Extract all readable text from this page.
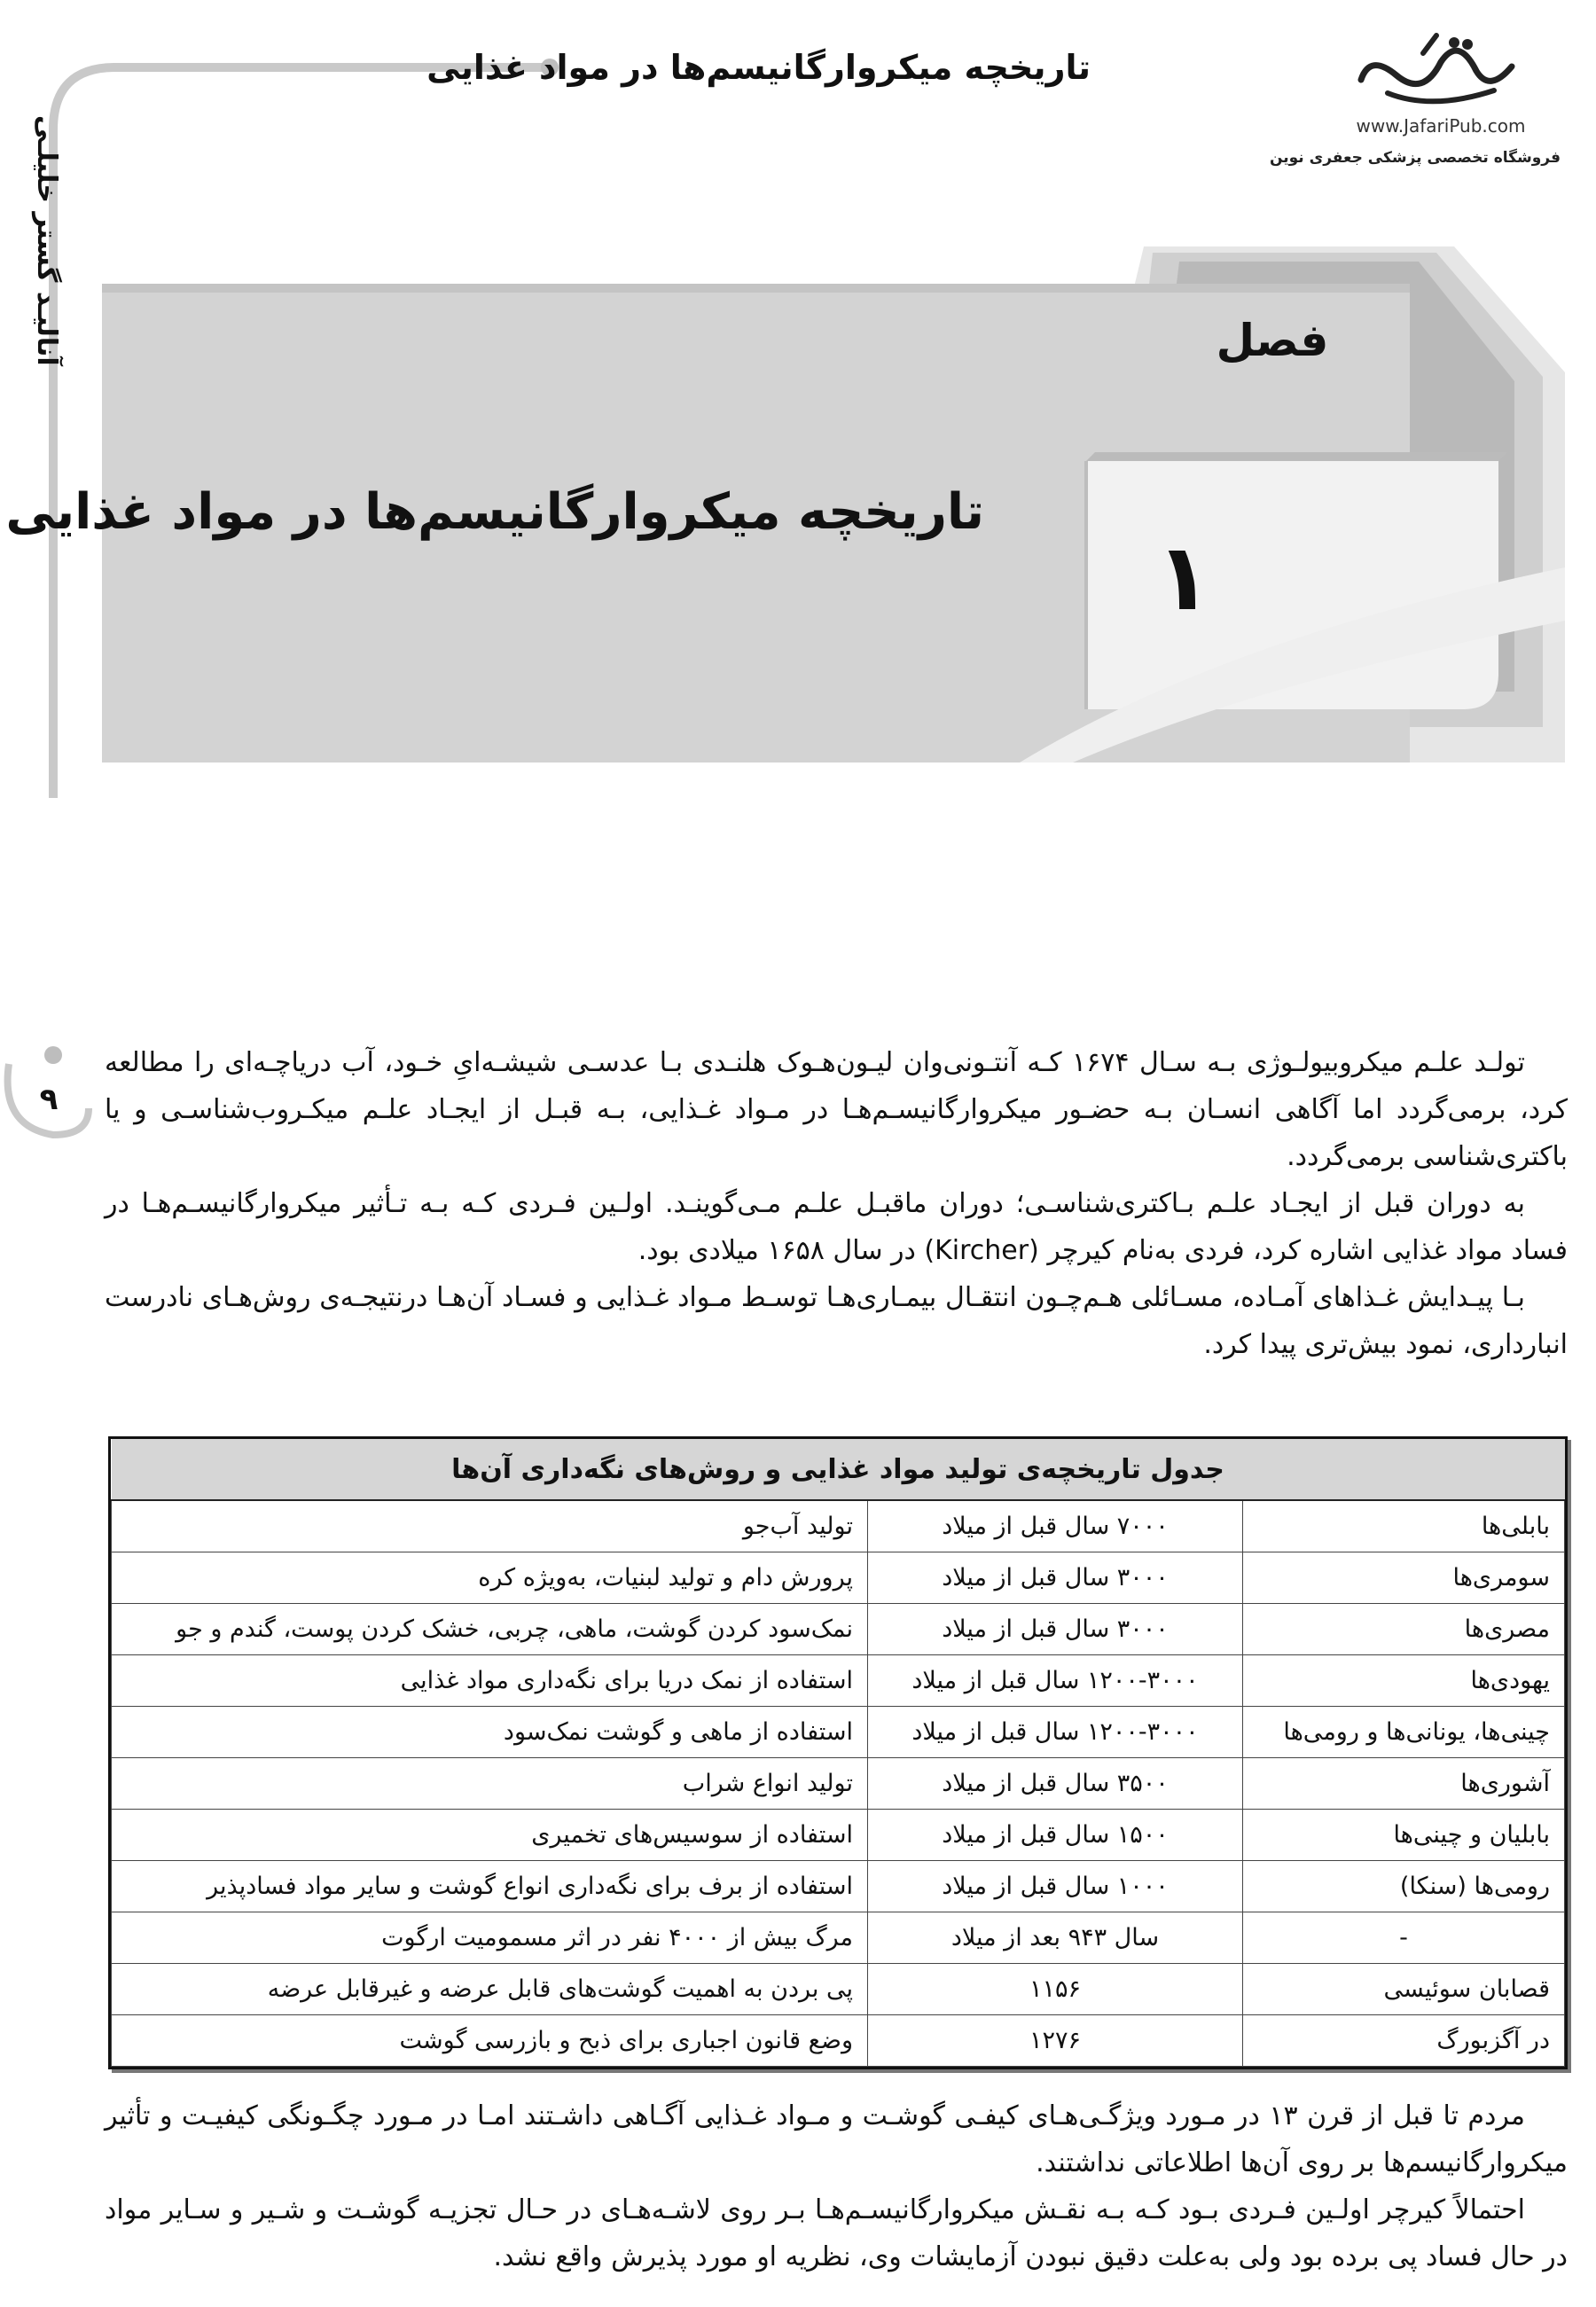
تاریخچه میکروارگانیسم‌ها در مواد غذایی
www.JafariPub.com
فروشگاه تخصصی پزشکی جعفری نوین
آنالیـد گستر خلیلـی
۹
فصل
۱
تاریخچه میکروارگانیسم‌ها در مواد غذایی

تولـد علـم میکروبیولـوژی بـه سـال ۱۶۷۴ کـه آنتـونی‌وان لیـون‌هـوک هلنـدی بـا عدسـی شیشـه‌ایِ خـود، آب دریاچـه‌ای را مطالعه کرد، برمی‌گردد اما آگاهی انسـان بـه حضـور میکروارگانیسـم‌هـا در مـواد غـذایی، بـه قبـل از ایجـاد علـم میکـروب‌شناسـی و یا باکتری‌شناسی برمی‌گردد.

به دوران قبل از ایجـاد علـم بـاکتری‌شناسـی؛ دوران ماقبـل علـم مـی‌گوینـد. اولـین فـردی کـه بـه تـأثیر میکروارگانیسـم‌هـا در فساد مواد غذایی اشاره کرد، فردی به‌نام کیرچر (Kircher) در سال ۱۶۵۸ میلادی بود.

بـا پیـدایش غـذاهای آمـاده، مسـائلی هـم‌چـون انتقـال بیمـاری‌هـا توسـط مـواد غـذایی و فسـاد آن‌هـا درنتیجـه‌ی روش‌هـای نادرست انبارداری، نمود بیش‌تری پیدا کرد.

جدول تاریخچه‌ی تولید مواد غذایی و روش‌های نگه‌داری آن‌ها		
بابلی‌ها	۷۰۰۰ سال قبل از میلاد	تولید آب‌جو
سومری‌ها	۳۰۰۰ سال قبل از میلاد	پرورش دام و تولید لبنیات، به‌ویژه کره
مصری‌ها	۳۰۰۰ سال قبل از میلاد	نمک‌سود کردن گوشت، ماهی، چربی، خشک کردن پوست، گندم و جو
یهودی‌ها	۱۲۰۰-۳۰۰۰ سال قبل از میلاد	استفاده از نمک دریا برای نگه‌داری مواد غذایی
چینی‌ها، یونانی‌ها و رومی‌ها	۱۲۰۰-۳۰۰۰ سال قبل از میلاد	استفاده از ماهی و گوشت نمک‌سود
آشوری‌ها	۳۵۰۰ سال قبل از میلاد	تولید انواع شراب
بابلیان و چینی‌ها	۱۵۰۰ سال قبل از میلاد	استفاده از سوسیس‌های تخمیری
رومی‌ها (سنکا)	۱۰۰۰ سال قبل از میلاد	استفاده از برف برای نگه‌داری انواع گوشت و سایر مواد فسادپذیر
-	سال ۹۴۳ بعد از میلاد	مرگ بیش از ۴۰۰۰ نفر در اثر مسمومیت ارگوت
قصابان سوئیسی	۱۱۵۶	پی بردن به اهمیت گوشت‌های قابل عرضه و غیرقابل عرضه
در آگزبورگ	۱۲۷۶	وضع قانون اجباری برای ذبح و بازرسی گوشت

مردم تا قبل از قرن ۱۳ در مـورد ویژگـی‌هـای کیفـی گوشـت و مـواد غـذایی آگـاهی داشـتند امـا در مـورد چگـونگی کیفیـت و تأثیر میکروارگانیسم‌ها بر روی آن‌ها اطلاعاتی نداشتند.

احتمالاً کیرچر اولـین فـردی بـود کـه بـه نقـش میکروارگانیسـم‌هـا بـر روی لاشـه‌هـای در حـال تجزیـه گوشـت و شـیر و سـایر مواد در حال فساد پی برده بود ولی به‌علت دقیق نبودن آزمایشات وی، نظریه او مورد پذیرش واقع نشد.
